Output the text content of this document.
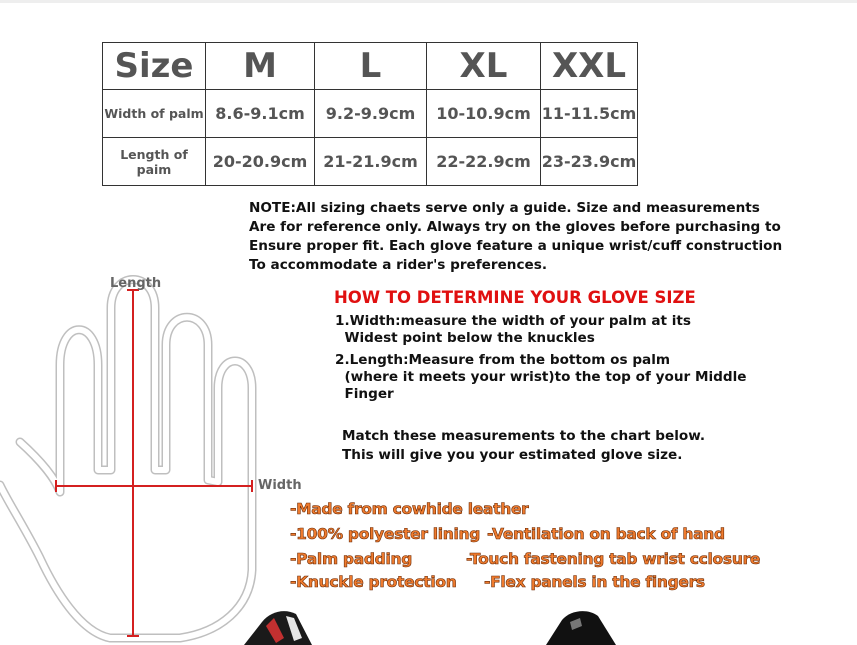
Size	M	L	XL	XXL
Width of palm	8.6-9.1cm	9.2-9.9cm	10-10.9cm	11-11.5cm
Length of paim	20-20.9cm	21-21.9cm	22-22.9cm	23-23.9cm
NOTE:All sizing chaets serve only a guide. Size and measurements
Are for reference only. Always try on the gloves before purchasing to
Ensure proper fit. Each glove feature a unique wrist/cuff construction
To accommodate a rider's preferences.
Length
Width
HOW TO DETERMINE YOUR GLOVE SIZE
1.Width:measure the width of your palm at its
Widest point below the knuckles
2.Length:Measure from the bottom os palm
(where it meets your wrist)to the top of your Middle
Finger
Match these measurements to the chart below.
This will give you your estimated glove size.
-Made from cowhide leather
-100% polyester lining -Ventilation on back of hand
-Palm padding	-Touch fastening tab wrist cclosure
-Knuckle protection -Flex panels in the fingers
